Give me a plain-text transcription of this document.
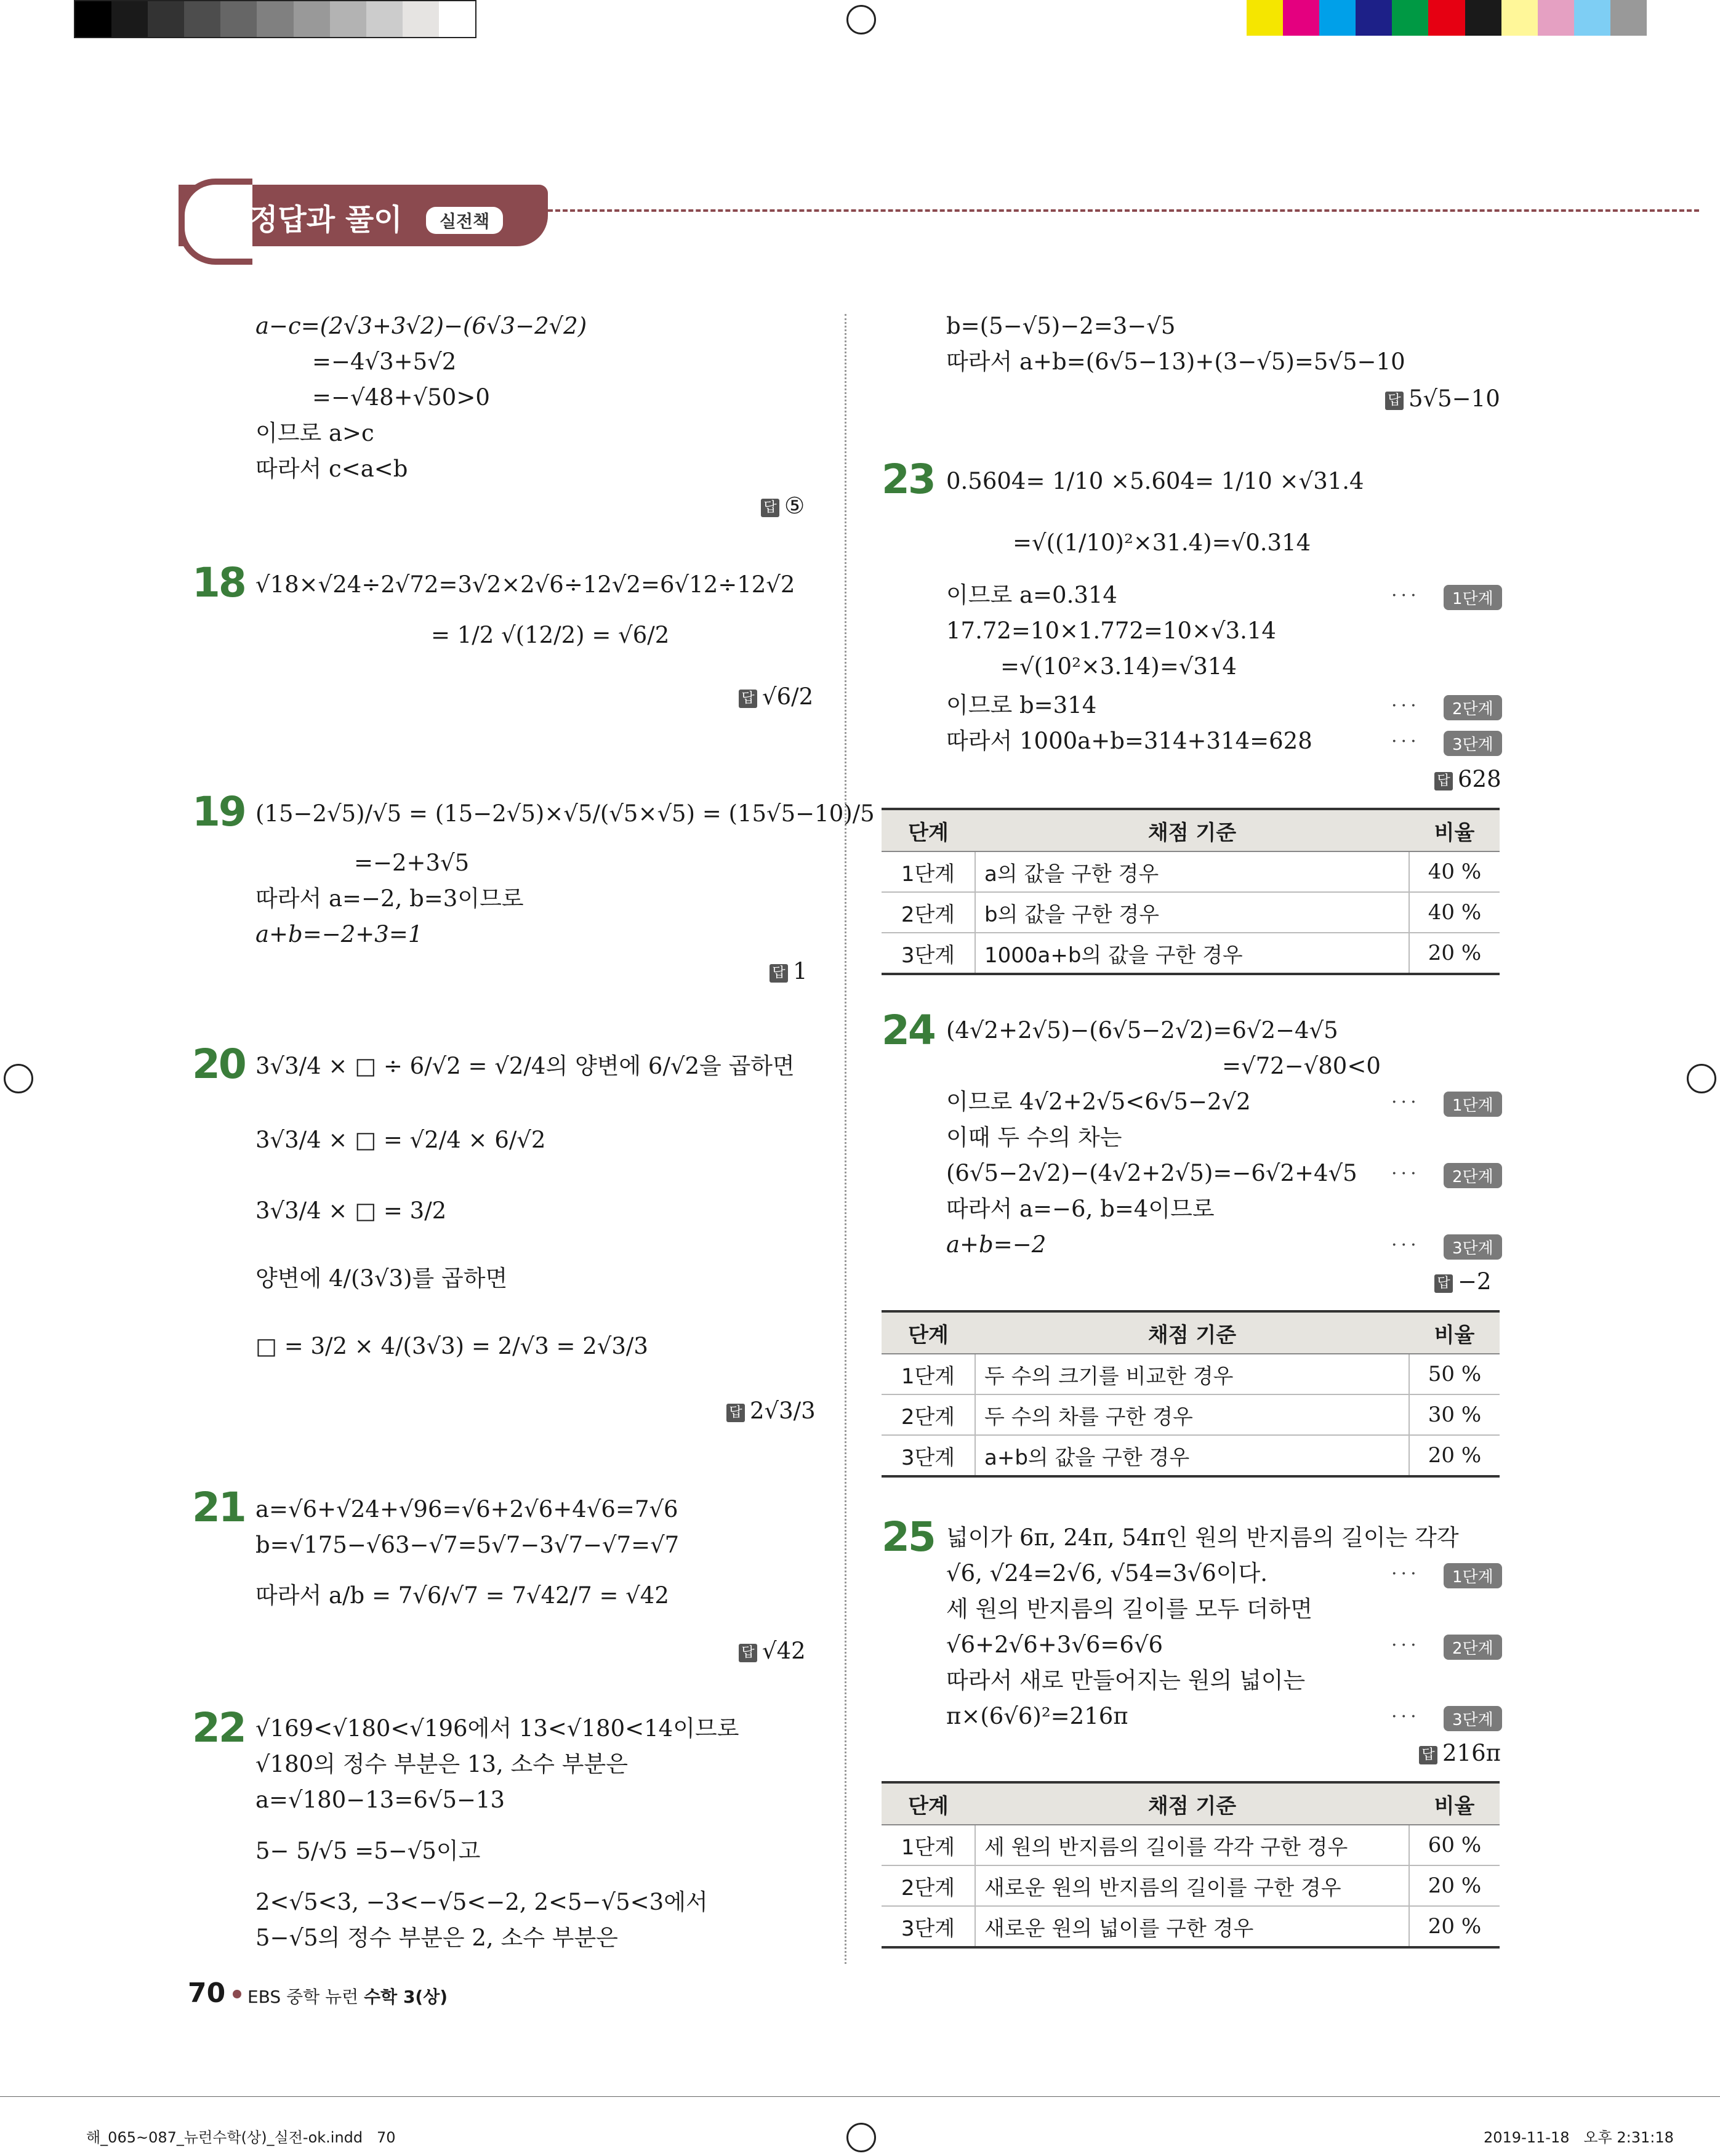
정답과 풀이	실전책
a−c=(2√3+3√2)−(6√3−2√2)
=−4√3+5√2
=−√48+√50>0
이므로 a>c
따라서 c<a<b
답 ⑤
18 √18×√24÷2√72=3√2×2√6÷12√2=6√12÷12√2
= 1/2 √(12/2) = √6/2
답 √6/2
19 (15−2√5)/√5 = (15−2√5)×√5/(√5×√5) = (15√5−10)/5
=−2+3√5
따라서 a=−2, b=3이므로
a+b=−2+3=1
답 1
20 3√3/4 × □ ÷ 6/√2 = √2/4의 양변에 6/√2을 곱하면
3√3/4 × □ = √2/4 × 6/√2
3√3/4 × □ = 3/2
양변에 4/(3√3)를 곱하면
□ = 3/2 × 4/(3√3) = 2/√3 = 2√3/3
답 2√3/3
21 a=√6+√24+√96=√6+2√6+4√6=7√6
b=√175−√63−√7=5√7−3√7−√7=√7
따라서 a/b = 7√6/√7 = 7√42/7 = √42
답 √42
22 √169<√180<√196에서 13<√180<14이므로
√180의 정수 부분은 13, 소수 부분은
a=√180−13=6√5−13
5− 5/√5 =5−√5이고
2<√5<3, −3<−√5<−2, 2<5−√5<3에서
5−√5의 정수 부분은 2, 소수 부분은
b=(5−√5)−2=3−√5
따라서 a+b=(6√5−13)+(3−√5)=5√5−10
답 5√5−10
23 0.5604= 1/10 ×5.604= 1/10 ×√31.4
=√((1/10)²×31.4)=√0.314
이므로 a=0.314
17.72=10×1.772=10×√3.14
=√(10²×3.14)=√314
이므로 b=314
따라서 1000a+b=314+314=628
···	1단계
···	2단계
···	3단계
답 628
단계	채점 기준	비율
1단계	a의 값을 구한 경우	40 %
2단계	b의 값을 구한 경우	40 %
3단계	1000a+b의 값을 구한 경우	20 %
24 (4√2+2√5)−(6√5−2√2)=6√2−4√5
=√72−√80<0
이므로 4√2+2√5<6√5−2√2
이때 두 수의 차는
(6√5−2√2)−(4√2+2√5)=−6√2+4√5
따라서 a=−6, b=4이므로
a+b=−2
···	1단계
···	2단계
···	3단계
답 −2
단계	채점 기준	비율
1단계	두 수의 크기를 비교한 경우	50 %
2단계	두 수의 차를 구한 경우	30 %
3단계	a+b의 값을 구한 경우	20 %
25 넓이가 6π, 24π, 54π인 원의 반지름의 길이는 각각
√6, √24=2√6, √54=3√6이다.
세 원의 반지름의 길이를 모두 더하면
√6+2√6+3√6=6√6
따라서 새로 만들어지는 원의 넓이는
π×(6√6)²=216π
···	1단계
···	2단계
···	3단계
답 216π
단계	채점 기준	비율
1단계	세 원의 반지름의 길이를 각각 구한 경우	60 %
2단계	새로운 원의 반지름의 길이를 구한 경우	20 %
3단계	새로운 원의 넓이를 구한 경우	20 %
70 EBS 중학 뉴런 수학 3(상)
해_065~087_뉴런수학(상)_실전-ok.indd   70	2019-11-18   오후 2:31:18
